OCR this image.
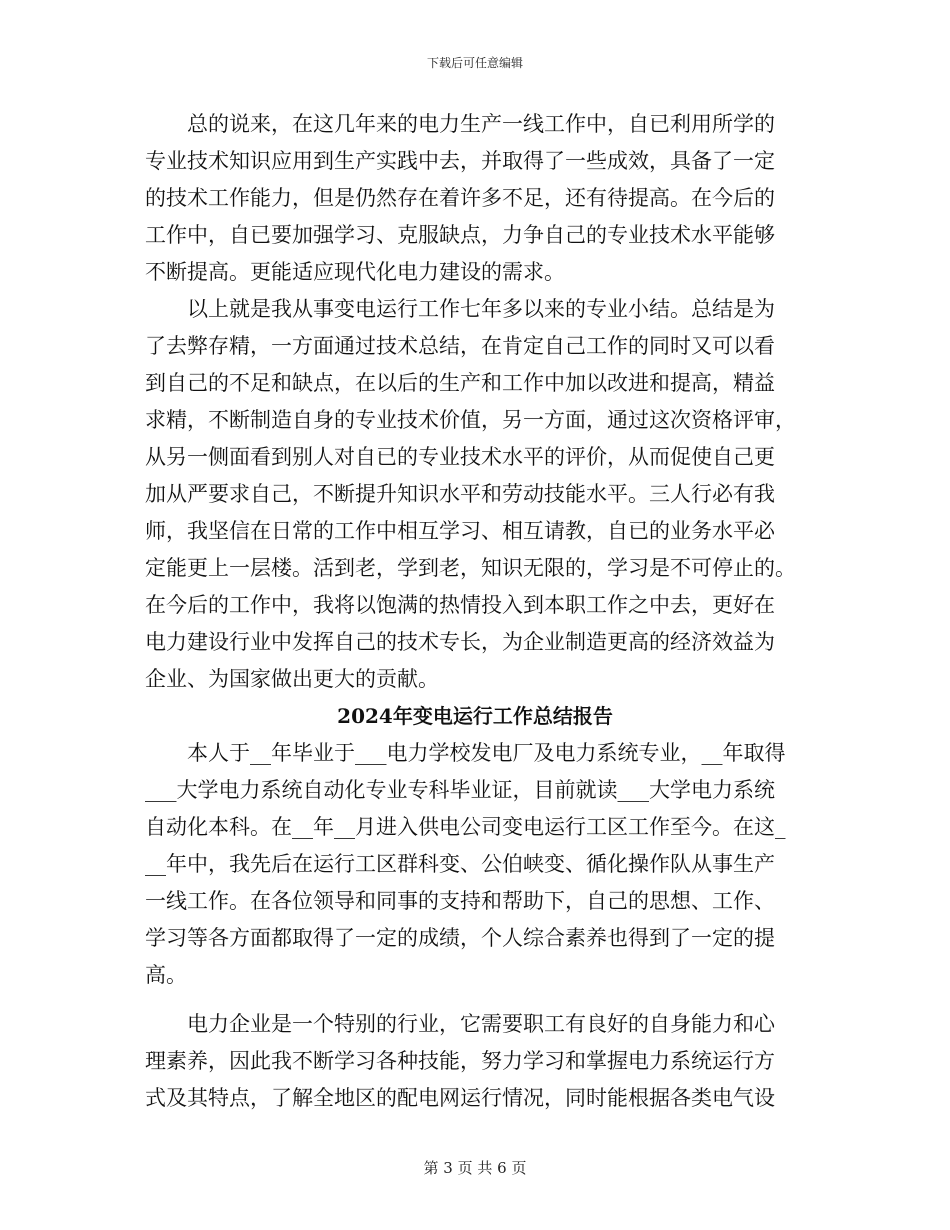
下载后可任意编辑
　　总的说来，在这几年来的电力生产一线工作中，自已利用所学的
专业技术知识应用到生产实践中去，并取得了一些成效，具备了一定
的技术工作能力，但是仍然存在着许多不足，还有待提高。在今后的
工作中，自已要加强学习、克服缺点，力争自己的专业技术水平能够
不断提高。更能适应现代化电力建设的需求。
　　以上就是我从事变电运行工作七年多以来的专业小结。总结是为
了去弊存精，一方面通过技术总结，在肯定自己工作的同时又可以看
到自己的不足和缺点，在以后的生产和工作中加以改进和提高，精益
求精，不断制造自身的专业技术价值，另一方面，通过这次资格评审，
从另一侧面看到别人对自已的专业技术水平的评价，从而促使自己更
加从严要求自己，不断提升知识水平和劳动技能水平。三人行必有我
师，我坚信在日常的工作中相互学习、相互请教，自已的业务水平必
定能更上一层楼。活到老，学到老，知识无限的，学习是不可停止的。
在今后的工作中，我将以饱满的热情投入到本职工作之中去，更好在
电力建设行业中发挥自己的技术专长，为企业制造更高的经济效益为
企业、为国家做出更大的贡献。
2024年变电运行工作总结报告
　　本人于__年毕业于___电力学校发电厂及电力系统专业，__年取得
___大学电力系统自动化专业专科毕业证，目前就读___大学电力系统
自动化本科。在__年__月进入供电公司变电运行工区工作至今。在这_
__年中，我先后在运行工区群科变、公伯峡变、循化操作队从事生产
一线工作。在各位领导和同事的支持和帮助下，自己的思想、工作、
学习等各方面都取得了一定的成绩，个人综合素养也得到了一定的提
高。
　　电力企业是一个特别的行业，它需要职工有良好的自身能力和心
理素养，因此我不断学习各种技能，努力学习和掌握电力系统运行方
式及其特点，了解全地区的配电网运行情况，同时能根据各类电气设
第 3 页 共 6 页
